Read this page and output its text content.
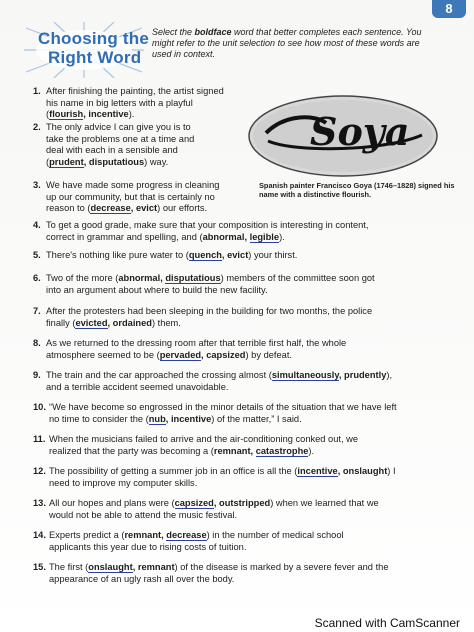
8
Choosing the
Right Word
Select the boldface word that better completes each sentence. You might refer to the unit selection to see how most of these words are used in context.
Soya
Spanish painter Francisco Goya (1746–1828) signed his name with a distinctive flourish.
1. After finishing the painting, the artist signed
his name in big letters with a playful
(flourish, incentive).
2. The only advice I can give you is to
take the problems one at a time and
deal with each in a sensible and
(prudent, disputatious) way.
3. We have made some progress in cleaning
up our community, but that is certainly no
reason to (decrease, evict) our efforts.
4. To get a good grade, make sure that your composition is interesting in content,
correct in grammar and spelling, and (abnormal, legible).
5. There's nothing like pure water to (quench, evict) your thirst.
6. Two of the more (abnormal, disputatious) members of the committee soon got
into an argument about where to build the new facility.
7. After the protesters had been sleeping in the building for two months, the police
finally (evicted, ordained) them.
8. As we returned to the dressing room after that terrible first half, the whole
atmosphere seemed to be (pervaded, capsized) by defeat.
9. The train and the car approached the crossing almost (simultaneously, prudently),
and a terrible accident seemed unavoidable.
10. “We have become so engrossed in the minor details of the situation that we have left
no time to consider the (nub, incentive) of the matter,” I said.
11. When the musicians failed to arrive and the air-conditioning conked out, we
realized that the party was becoming a (remnant, catastrophe).
12. The possibility of getting a summer job in an office is all the (incentive, onslaught) I
need to improve my computer skills.
13. All our hopes and plans were (capsized, outstripped) when we learned that we
would not be able to attend the music festival.
14. Experts predict a (remnant, decrease) in the number of medical school
applicants this year due to rising costs of tuition.
15. The first (onslaught, remnant) of the disease is marked by a severe fever and the
appearance of an ugly rash all over the body.
Scanned with CamScanner
